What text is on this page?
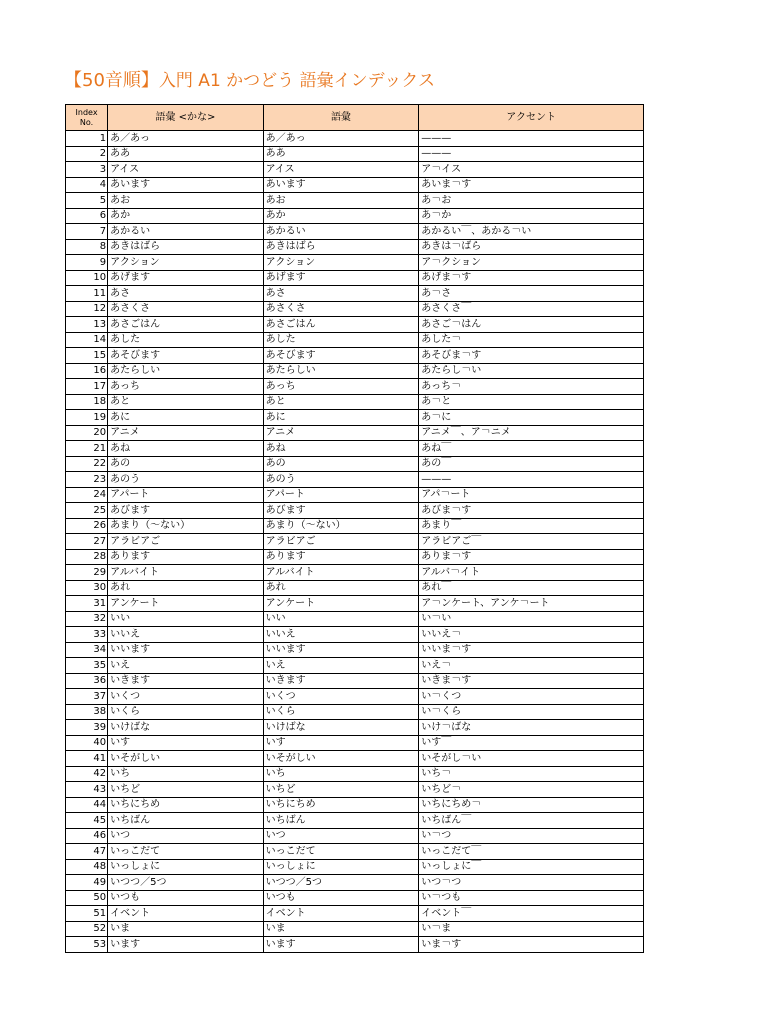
【50音順】入門 A1 かつどう 語彙インデックス
Index
No.	語彙 <かな>	語彙	アクセント
1	あ／あっ	あ／あっ	———
2	ああ	ああ	———
3	アイス	アイス	ア￢イス
4	あいます	あいます	あいま￢す
5	あお	あお	あ￢お
6	あか	あか	あ￢か
7	あかるい	あかるい	あかるい￣、あかる￢い
8	あきはばら	あきはばら	あきは￢ばら
9	アクション	アクション	ア￢クション
10	あげます	あげます	あげま￢す
11	あさ	あさ	あ￢さ
12	あさくさ	あさくさ	あさくさ￣
13	あさごはん	あさごはん	あさご￢はん
14	あした	あした	あした￢
15	あそびます	あそびます	あそびま￢す
16	あたらしい	あたらしい	あたらし￢い
17	あっち	あっち	あっち￢
18	あと	あと	あ￢と
19	あに	あに	あ￢に
20	アニメ	アニメ	アニメ￣、ア￢ニメ
21	あね	あね	あね￣
22	あの	あの	あの￣
23	あのう	あのう	———
24	アパート	アパート	アパ￢ート
25	あびます	あびます	あびま￢す
26	あまり（～ない）	あまり（～ない）	あまり￣
27	アラビアご	アラビアご	アラビアご￣
28	あります	あります	ありま￢す
29	アルバイト	アルバイト	アルバ￢イト
30	あれ	あれ	あれ￣
31	アンケート	アンケート	ア￢ンケート、アンケ￢ート
32	いい	いい	い￢い
33	いいえ	いいえ	いいえ￢
34	いいます	いいます	いいま￢す
35	いえ	いえ	いえ￢
36	いきます	いきます	いきま￢す
37	いくつ	いくつ	い￢くつ
38	いくら	いくら	い￢くら
39	いけばな	いけばな	いけ￢ばな
40	いす	いす	いす￣
41	いそがしい	いそがしい	いそがし￢い
42	いち	いち	いち￢
43	いちど	いちど	いちど￢
44	いちにちめ	いちにちめ	いちにちめ￢
45	いちばん	いちばん	いちばん￣
46	いつ	いつ	い￢つ
47	いっこだて	いっこだて	いっこだて￣
48	いっしょに	いっしょに	いっしょに￣
49	いつつ／5つ	いつつ／5つ	いつ￢つ
50	いつも	いつも	い￢つも
51	イベント	イベント	イベント￣
52	いま	いま	い￢ま
53	います	います	いま￢す
